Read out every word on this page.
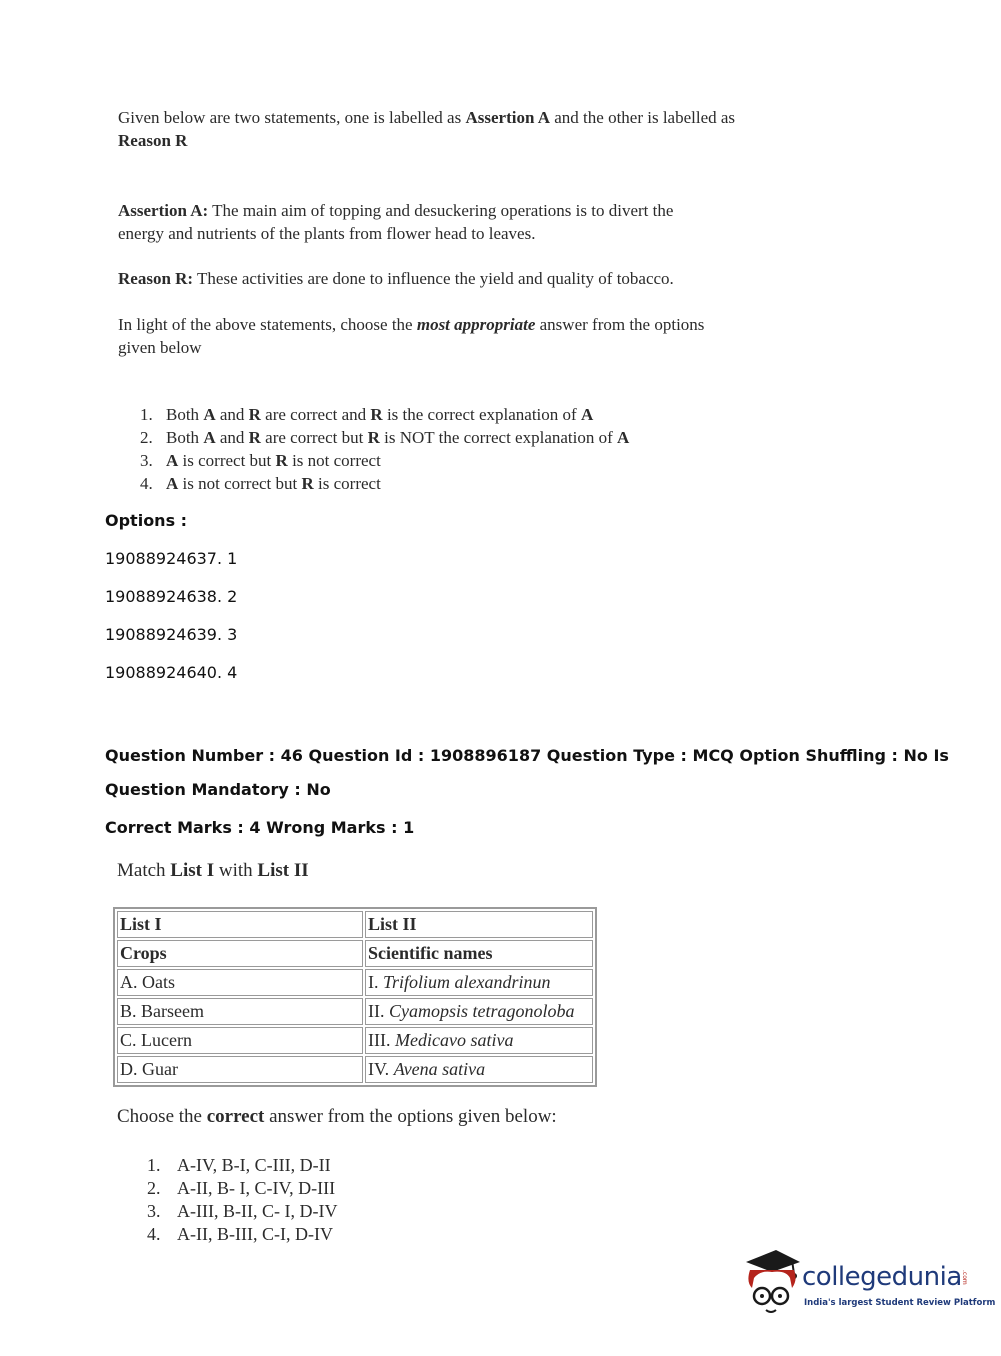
Given below are two statements, one is labelled as Assertion A and the other is labelled as

Reason R

Assertion A: The main aim of topping and desuckering operations is to divert the energy and nutrients of the plants from flower head to leaves.

Reason R: These activities are done to influence the yield and quality of tobacco.

In light of the above statements, choose the most appropriate answer from the options given below

1. Both A and R are correct and R is the correct explanation of A
2. Both A and R are correct but R is NOT the correct explanation of A
3. A is correct but R is not correct
4. A is not correct but R is correct
Options :
19088924637. 1
19088924638. 2
19088924639. 3
19088924640. 4
Question Number : 46 Question Id : 1908896187 Question Type : MCQ Option Shuffling : No Is
Question Mandatory : No
Correct Marks : 4 Wrong Marks : 1
Match List I with List II
List I	List II
Crops	Scientific names
A. Oats	I. Trifolium alexandrinun
B. Barseem	II. Cyamopsis tetragonoloba
C. Lucern	III. Medicavo sativa
D. Guar	IV. Avena sativa
Choose the correct answer from the options given below:
1. A-IV, B-I, C-III, D-II
2. A-II, B- I, C-IV, D-III
3. A-III, B-II, C- I, D-IV
4. A-II, B-III, C-I, D-IV
collegedunia .com
India's largest Student Review Platform
